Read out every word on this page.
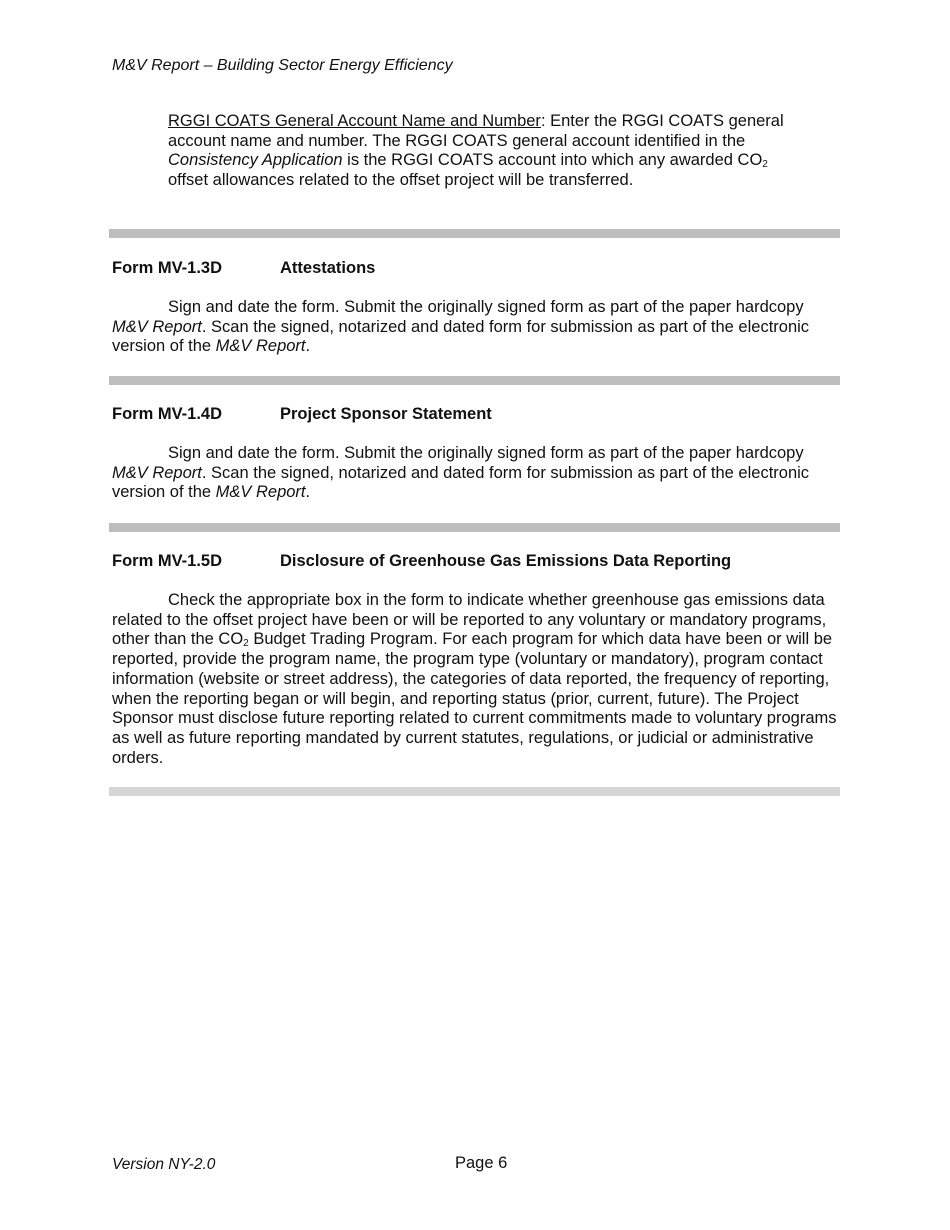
M&V Report – Building Sector Energy Efficiency
RGGI COATS General Account Name and Number: Enter the RGGI COATS general account name and number. The RGGI COATS general account identified in the Consistency Application is the RGGI COATS account into which any awarded $CO_2$ offset allowances related to the offset project will be transferred.
Form MV-1.3D	Attestations
Sign and date the form. Submit the originally signed form as part of the paper hardcopy M&V Report. Scan the signed, notarized and dated form for submission as part of the electronic version of the M&V Report.
Form MV-1.4D	Project Sponsor Statement
Sign and date the form. Submit the originally signed form as part of the paper hardcopy M&V Report. Scan the signed, notarized and dated form for submission as part of the electronic version of the M&V Report.
Form MV-1.5D	Disclosure of Greenhouse Gas Emissions Data Reporting
Check the appropriate box in the form to indicate whether greenhouse gas emissions data related to the offset project have been or will be reported to any voluntary or mandatory programs, other than the $CO_2$ Budget Trading Program. For each program for which data have been or will be reported, provide the program name, the program type (voluntary or mandatory), program contact information (website or street address), the categories of data reported, the frequency of reporting, when the reporting began or will begin, and reporting status (prior, current, future). The Project Sponsor must disclose future reporting related to current commitments made to voluntary programs as well as future reporting mandated by current statutes, regulations, or judicial or administrative orders.
Version NY-2.0	Page 6
